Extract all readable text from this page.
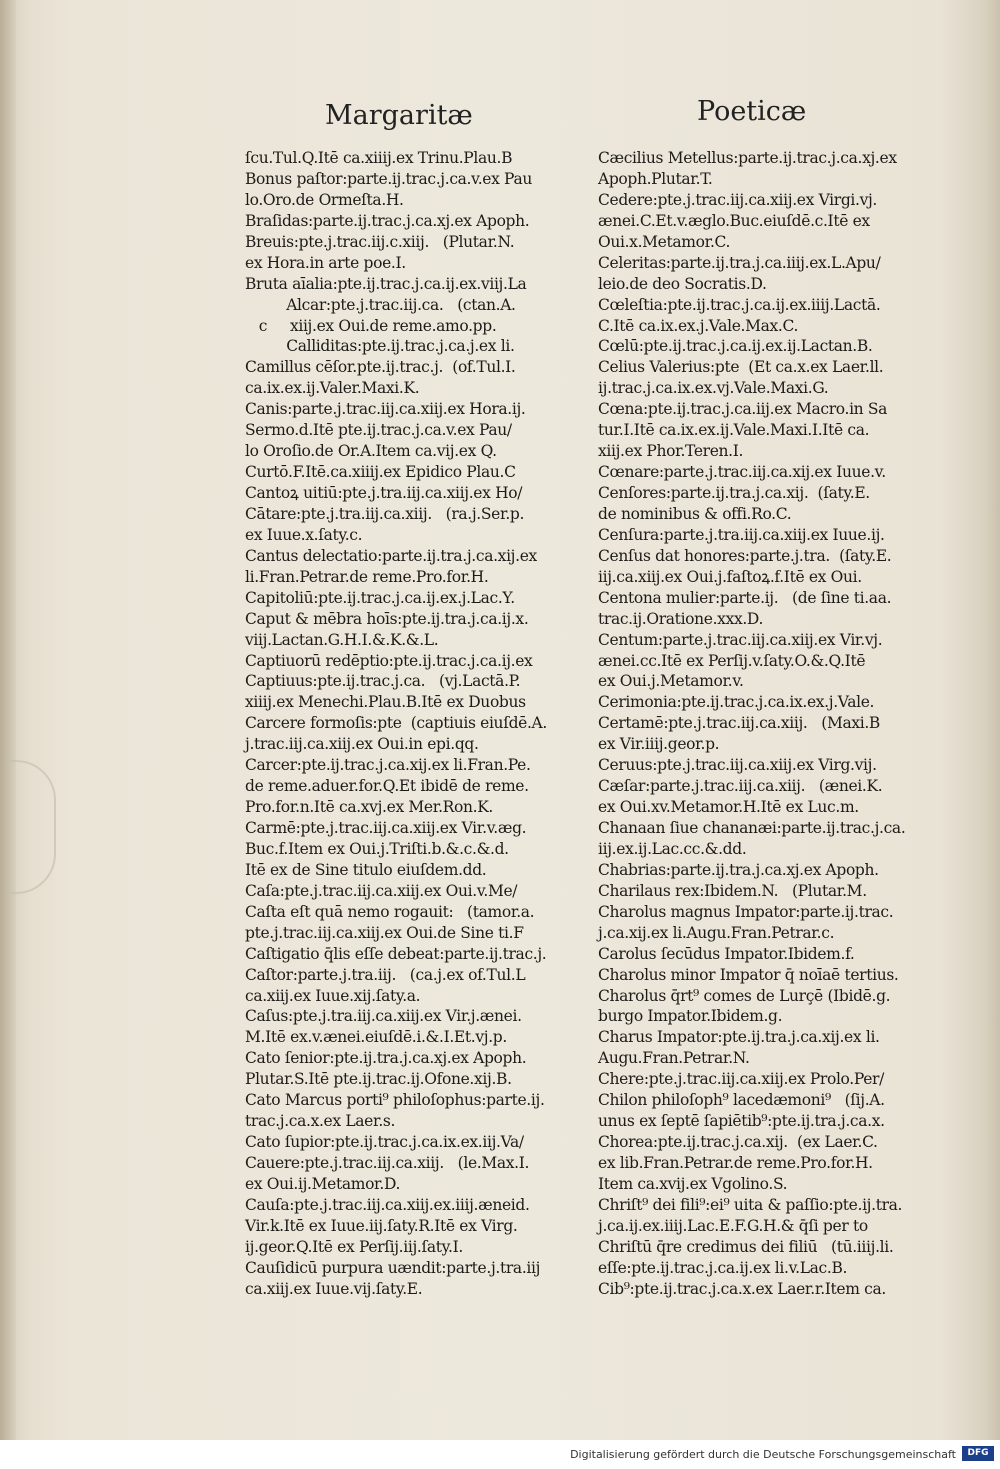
Margaritæ	Poeticæ
ſcu.Tul.Q.Itē ca.xiiij.ex Trinu.Plau.B
Bonus paſtor:parte.ij.trac.j.ca.v.ex Pau
lo.Oro.de Ormeſta.H.
Braſidas:parte.ij.trac.j.ca.xj.ex Apoph.
Breuis:pte.j.trac.iij.c.xiij.   (Plutar.N.
ex Hora.in arte poe.I.
Bruta aīalia:pte.ij.trac.j.ca.ij.ex.viij.La
Alcar:pte.j.trac.iij.ca.   (ctan.A.
c     xiij.ex Oui.de reme.amo.pp.
Calliditas:pte.ij.trac.j.ca.j.ex li.
Camillus cēſor.pte.ij.trac.j.  (of.Tul.I.
ca.ix.ex.ij.Valer.Maxi.K.
Canis:parte.j.trac.iij.ca.xiij.ex Hora.ij.
Sermo.d.Itē pte.ij.trac.j.ca.v.ex Pau/
lo Oroſio.de Or.A.Item ca.vij.ex Q.
Curtō.F.Itē.ca.xiiij.ex Epidico Plau.C
Cantoꝝ uitiū:pte.j.tra.iij.ca.xiij.ex Ho/
Cātare:pte.j.tra.iij.ca.xiij.   (ra.j.Ser.p.
ex Iuue.x.ſaty.c.
Cantus delectatio:parte.ij.tra.j.ca.xij.ex
li.Fran.Petrar.de reme.Pro.for.H.
Capitoliū:pte.ij.trac.j.ca.ij.ex.j.Lac.Y.
Caput & mēbra hoīs:pte.ij.tra.j.ca.ij.x.
viij.Lactan.G.H.I.&.K.&.L.
Captiuorū redēptio:pte.ij.trac.j.ca.ij.ex
Captiuus:pte.ij.trac.j.ca.   (vj.Lactā.P.
xiiij.ex Menechi.Plau.B.Itē ex Duobus
Carcere formoſis:pte  (captiuis eiuſdē.A.
j.trac.iij.ca.xiij.ex Oui.in epi.qq.
Carcer:pte.ij.trac.j.ca.xij.ex li.Fran.Pe.
de reme.aduer.for.Q.Et ibidē de reme.
Pro.for.n.Itē ca.xvj.ex Mer.Ron.K.
Carmē:pte.j.trac.iij.ca.xiij.ex Vir.v.æg.
Buc.f.Item ex Oui.j.Triſti.b.&.c.&.d.
Itē ex de Sine titulo eiuſdem.dd.
Caſa:pte.j.trac.iij.ca.xiij.ex Oui.v.Me/
Caſta eſt quā nemo rogauit:   (tamor.a.
pte.j.trac.iij.ca.xiij.ex Oui.de Sine ti.F
Caſtigatio q̄lis eſſe debeat:parte.ij.trac.j.
Caſtor:parte.j.tra.iij.   (ca.j.ex of.Tul.L
ca.xiij.ex Iuue.xij.ſaty.a.
Caſus:pte.j.tra.iij.ca.xiij.ex Vir.j.ænei.
M.Itē ex.v.ænei.eiuſdē.i.&.I.Et.vj.p.
Cato ſenior:pte.ij.tra.j.ca.xj.ex Apoph.
Plutar.S.Itē pte.ij.trac.ij.Ofone.xij.B.
Cato Marcus porti⁹ philoſophus:parte.ij.
trac.j.ca.x.ex Laer.s.
Cato ſupior:pte.ij.trac.j.ca.ix.ex.iij.Va/
Cauere:pte.j.trac.iij.ca.xiij.   (le.Max.I.
ex Oui.ij.Metamor.D.
Cauſa:pte.j.trac.iij.ca.xiij.ex.iiij.æneid.
Vir.k.Itē ex Iuue.iij.ſaty.R.Itē ex Virg.
ij.geor.Q.Itē ex Perſij.iij.ſaty.I.
Cauſidicū purpura uændit:parte.j.tra.iij
ca.xiij.ex Iuue.vij.ſaty.E.
Cæcilius Metellus:parte.ij.trac.j.ca.xj.ex
Apoph.Plutar.T.
Cedere:pte.j.trac.iij.ca.xiij.ex Virgi.vj.
ænei.C.Et.v.æglo.Buc.eiuſdē.c.Itē ex
Oui.x.Metamor.C.
Celeritas:parte.ij.tra.j.ca.iiij.ex.L.Apu/
leio.de deo Socratis.D.
Cœleſtia:pte.ij.trac.j.ca.ij.ex.iiij.Lactā.
C.Itē ca.ix.ex.j.Vale.Max.C.
Cœlū:pte.ij.trac.j.ca.ij.ex.ij.Lactan.B.
Celius Valerius:pte  (Et ca.x.ex Laer.ll.
ij.trac.j.ca.ix.ex.vj.Vale.Maxi.G.
Cœna:pte.ij.trac.j.ca.iij.ex Macro.in Sa
tur.I.Itē ca.ix.ex.ij.Vale.Maxi.I.Itē ca.
xiij.ex Phor.Teren.I.
Cœnare:parte.j.trac.iij.ca.xij.ex Iuue.v.
Cenſores:parte.ij.tra.j.ca.xij.  (ſaty.E.
de nominibus & offi.Ro.C.
Cenſura:parte.j.tra.iij.ca.xiij.ex Iuue.ij.
Cenſus dat honores:parte.j.tra.  (ſaty.E.
iij.ca.xiij.ex Oui.j.faſtoꝝ.f.Itē ex Oui.
Centona mulier:parte.ij.   (de ſine ti.aa.
trac.ij.Oratione.xxx.D.
Centum:parte.j.trac.iij.ca.xiij.ex Vir.vj.
ænei.cc.Itē ex Perſij.v.ſaty.O.&.Q.Itē
ex Oui.j.Metamor.v.
Cerimonia:pte.ij.trac.j.ca.ix.ex.j.Vale.
Certamē:pte.j.trac.iij.ca.xiij.   (Maxi.B
ex Vir.iiij.geor.p.
Ceruus:pte.j.trac.iij.ca.xiij.ex Virg.vij.
Cæſar:parte.j.trac.iij.ca.xiij.   (ænei.K.
ex Oui.xv.Metamor.H.Itē ex Luc.m.
Chanaan ſiue chananæi:parte.ij.trac.j.ca.
iij.ex.ij.Lac.cc.&.dd.
Chabrias:parte.ij.tra.j.ca.xj.ex Apoph.
Charilaus rex:Ibidem.N.   (Plutar.M.
Charolus magnus Impator:parte.ij.trac.
j.ca.xij.ex li.Augu.Fran.Petrar.c.
Carolus ſecūdus Impator.Ibidem.f.
Charolus minor Impator q̄ noīaē tertius.
Charolus q̄rt⁹ comes de Lurçē (Ibidē.g.
burgo Impator.Ibidem.g.
Charus Impator:pte.ij.tra.j.ca.xij.ex li.
Augu.Fran.Petrar.N.
Chere:pte.j.trac.iij.ca.xiij.ex Prolo.Per/
Chilon philoſoph⁹ lacedæmoni⁹   (ſij.A.
unus ex ſeptē ſapiētib⁹:pte.ij.tra.j.ca.x.
Chorea:pte.ij.trac.j.ca.xij.  (ex Laer.C.
ex lib.Fran.Petrar.de reme.Pro.for.H.
Item ca.xvij.ex Vgolino.S.
Chriſt⁹ dei fili⁹:ei⁹ uita & paſſio:pte.ij.tra.
j.ca.ij.ex.iiij.Lac.E.F.G.H.& q̄ſi per to
Chriſtū q̄re credimus dei filiū   (tū.iiij.li.
eſſe:pte.ij.trac.j.ca.ij.ex li.v.Lac.B.
Cib⁹:pte.ij.trac.j.ca.x.ex Laer.r.Item ca.
Digitalisierung gefördert durch die Deutsche Forschungsgemeinschaft	DFG
